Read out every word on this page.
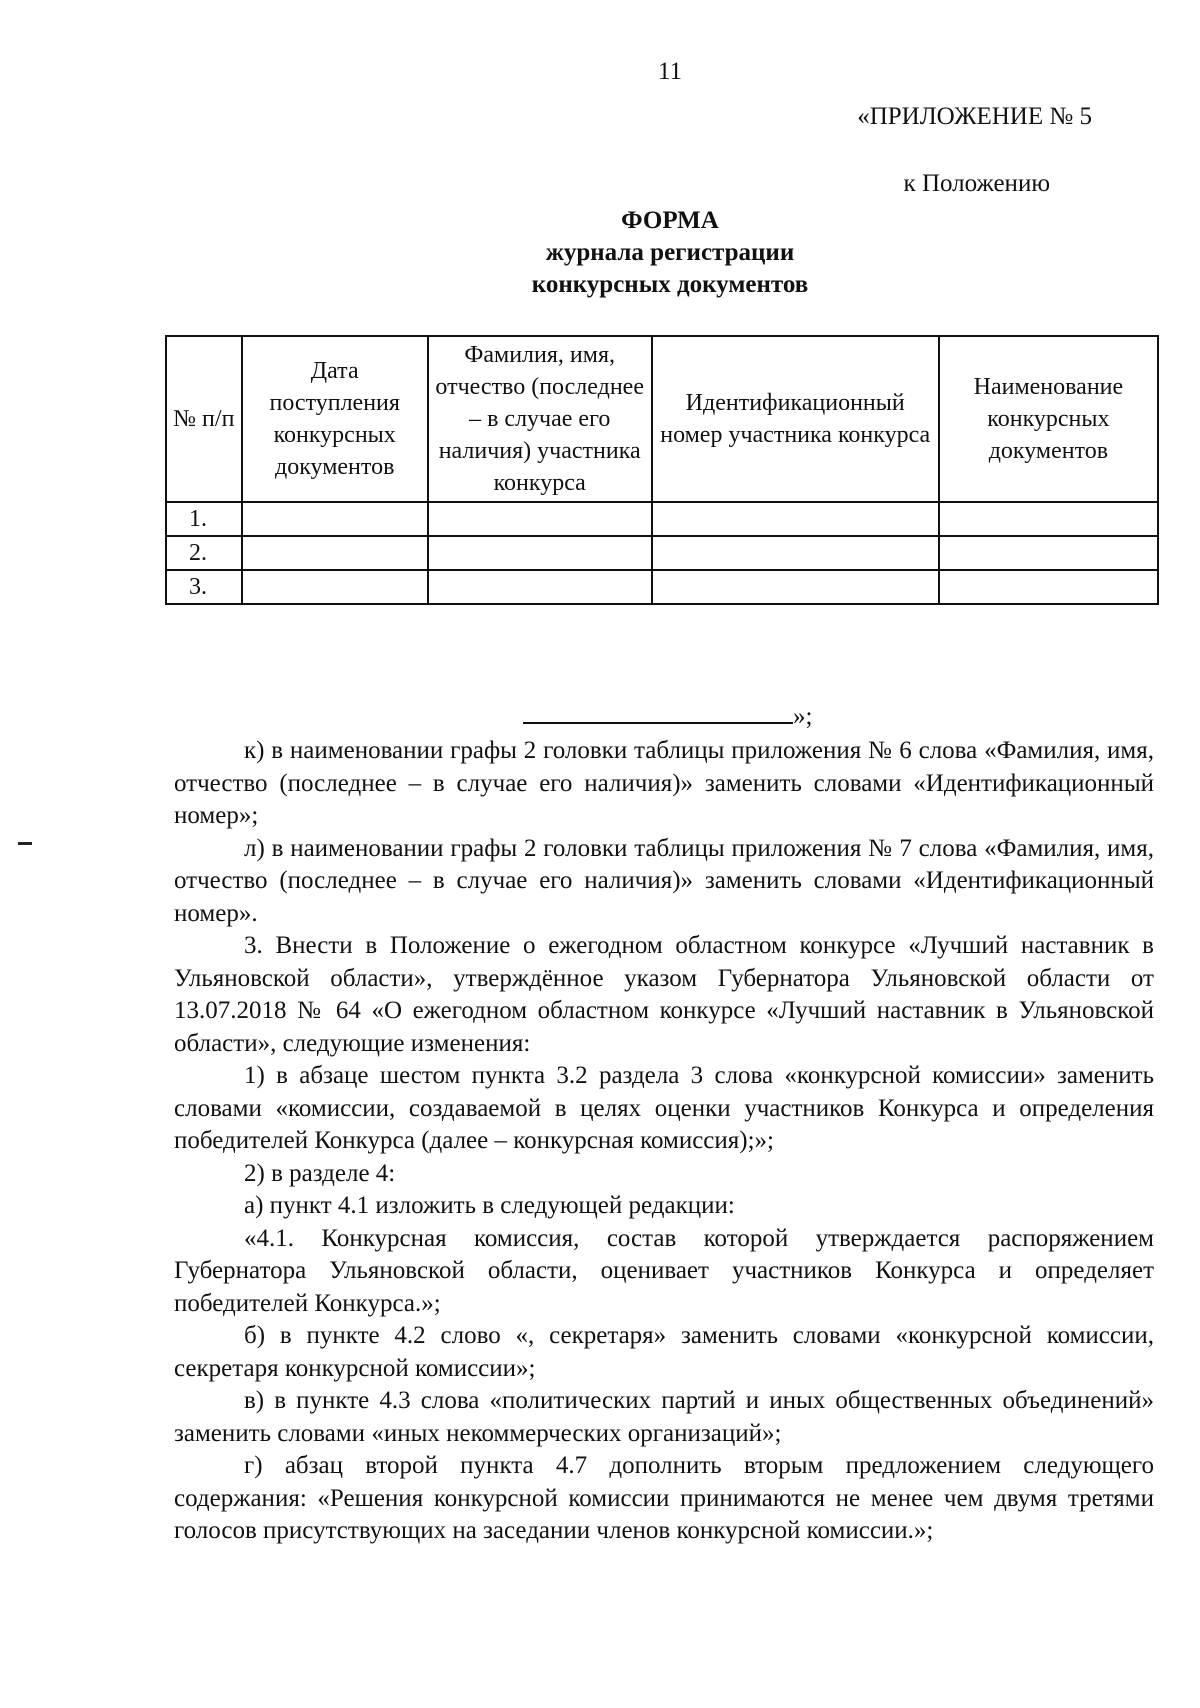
11
«ПРИЛОЖЕНИЕ № 5
к Положению
ФОРМА
журнала регистрации
конкурсных документов
№ п/п	Дата поступления конкурсных документов	Фамилия, имя, отчество (последнее – в случае его наличия) участника конкурса	Идентификационный номер участника конкурса	Наименование конкурсных документов
1.				
2.				
3.				
»;

к) в наименовании графы 2 головки таблицы приложения № 6 слова «Фамилия, имя, отчество (последнее – в случае его наличия)» заменить словами «Идентификационный номер»;

л) в наименовании графы 2 головки таблицы приложения № 7 слова «Фамилия, имя, отчество (последнее – в случае его наличия)» заменить словами «Идентификационный номер».

3. Внести в Положение о ежегодном областном конкурсе «Лучший наставник в Ульяновской области», утверждённое указом Губернатора Ульяновской области от 13.07.2018 № 64 «О ежегодном областном конкурсе «Лучший наставник в Ульяновской области», следующие изменения:

1) в абзаце шестом пункта 3.2 раздела 3 слова «конкурсной комиссии» заменить словами «комиссии, создаваемой в целях оценки участников Конкурса и определения победителей Конкурса (далее – конкурсная комиссия);»;

2) в разделе 4:

а) пункт 4.1 изложить в следующей редакции:

«4.1. Конкурсная комиссия, состав которой утверждается распоряжением Губернатора Ульяновской области, оценивает участников Конкурса и определяет победителей Конкурса.»;

б) в пункте 4.2 слово «, секретаря» заменить словами «конкурсной комиссии, секретаря конкурсной комиссии»;

в) в пункте 4.3 слова «политических партий и иных общественных объединений» заменить словами «иных некоммерческих организаций»;

г) абзац второй пункта 4.7 дополнить вторым предложением следующего содержания: «Решения конкурсной комиссии принимаются не менее чем двумя третями голосов присутствующих на заседании членов конкурсной комиссии.»;
